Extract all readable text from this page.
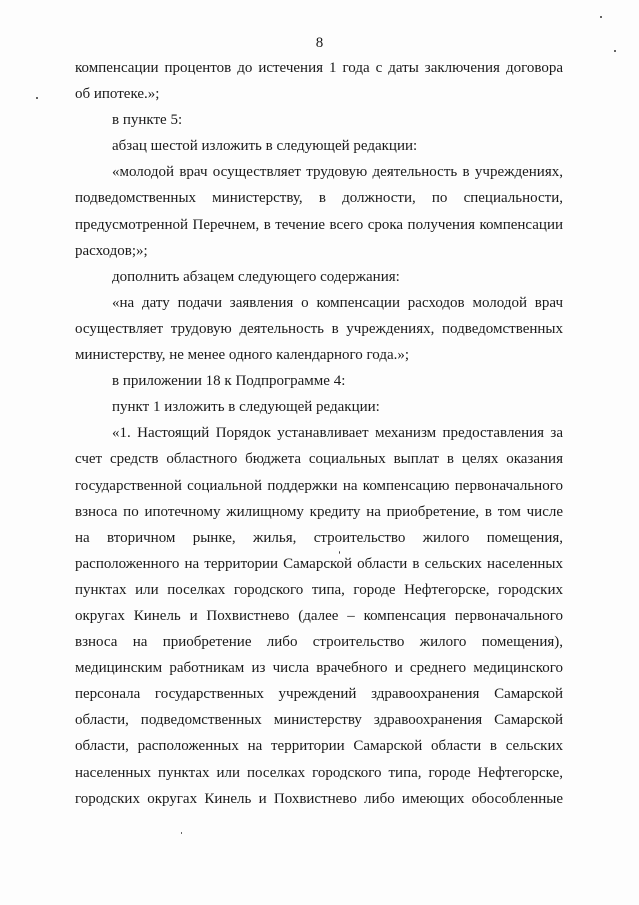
8
компенсации процентов до истечения 1 года с даты заключения договора
об ипотеке.»;
в пункте 5:
абзац шестой изложить в следующей редакции:
«молодой врач осуществляет трудовую деятельность в учреждениях,
подведомственных министерству, в должности, по специальности,
предусмотренной Перечнем, в течение всего срока получения компенсации
расходов;»;
дополнить абзацем следующего содержания:
«на дату подачи заявления о компенсации расходов молодой врач
осуществляет трудовую деятельность в учреждениях, подведомственных
министерству, не менее одного календарного года.»;
в приложении 18 к Подпрограмме 4:
пункт 1 изложить в следующей редакции:
«1. Настоящий Порядок устанавливает механизм предоставления за
счет средств областного бюджета социальных выплат в целях оказания
государственной социальной поддержки на компенсацию первоначального
взноса по ипотечному жилищному кредиту на приобретение, в том числе
на вторичном рынке, жилья, строительство жилого помещения,
расположенного на территории Самарской области в сельских населенных
пунктах или поселках городского типа, городе Нефтегорске, городских
округах Кинель и Похвистнево (далее – компенсация первоначального
взноса на приобретение либо строительство жилого помещения),
медицинским работникам из числа врачебного и среднего медицинского
персонала государственных учреждений здравоохранения Самарской
области, подведомственных министерству здравоохранения Самарской
области, расположенных на территории Самарской области в сельских
населенных пунктах или поселках городского типа, городе Нефтегорске,
городских округах Кинель и Похвистнево либо имеющих обособленные
